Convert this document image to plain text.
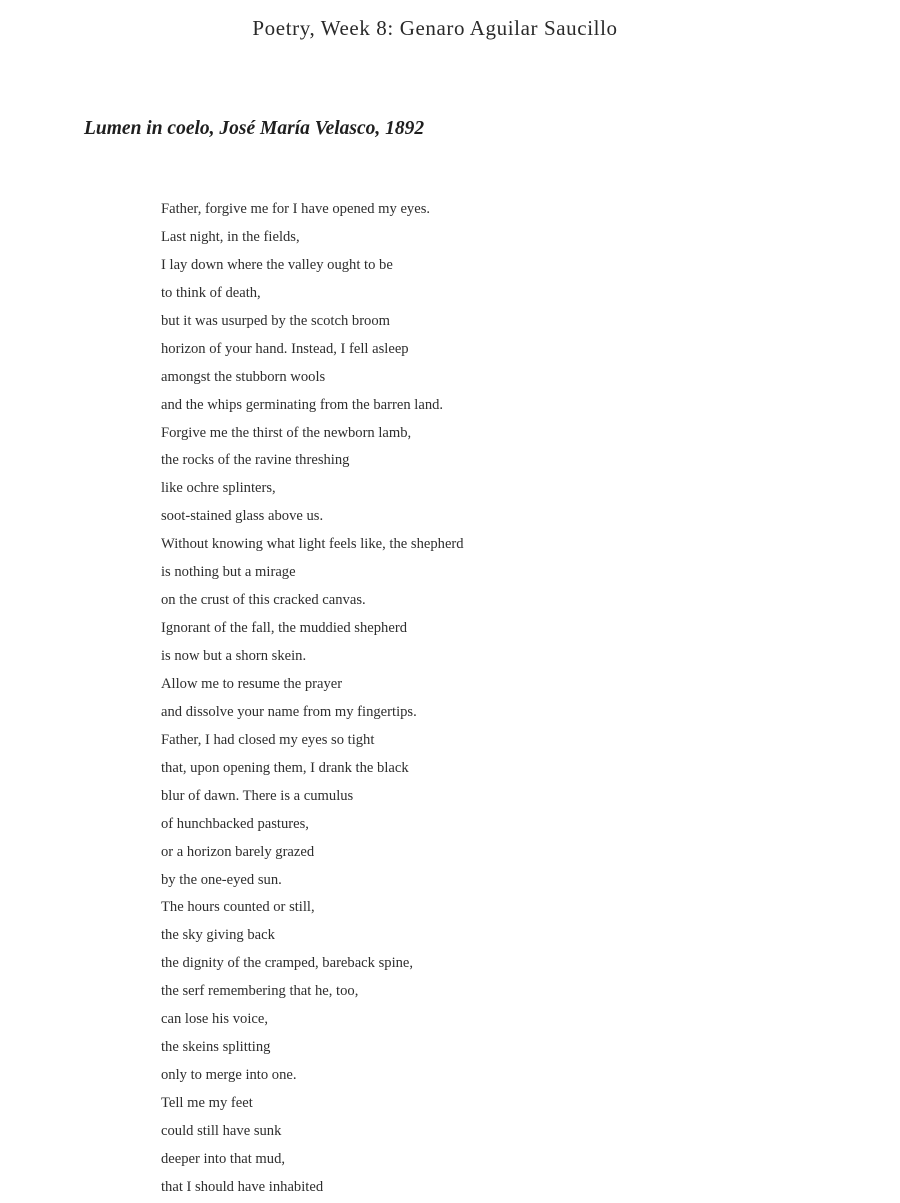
Poetry, Week 8: Genaro Aguilar Saucillo
Lumen in coelo, José María Velasco, 1892
Father, forgive me for I have opened my eyes.
Last night, in the fields,
I lay down where the valley ought to be
to think of death,
but it was usurped by the scotch broom
horizon of your hand. Instead, I fell asleep
amongst the stubborn wools
and the whips germinating from the barren land.
Forgive me the thirst of the newborn lamb,
the rocks of the ravine threshing
like ochre splinters,
soot-stained glass above us.
Without knowing what light feels like, the shepherd
is nothing but a mirage
on the crust of this cracked canvas.
Ignorant of the fall, the muddied shepherd
is now but a shorn skein.
Allow me to resume the prayer
and dissolve your name from my fingertips.
Father, I had closed my eyes so tight
that, upon opening them, I drank the black
blur of dawn. There is a cumulus
of hunchbacked pastures,
or a horizon barely grazed
by the one-eyed sun.
The hours counted or still,
the sky giving back
the dignity of the cramped, bareback spine,
the serf remembering that he, too,
can lose his voice,
the skeins splitting
only to merge into one.
Tell me my feet
could still have sunk
deeper into that mud,
that I should have inhabited
